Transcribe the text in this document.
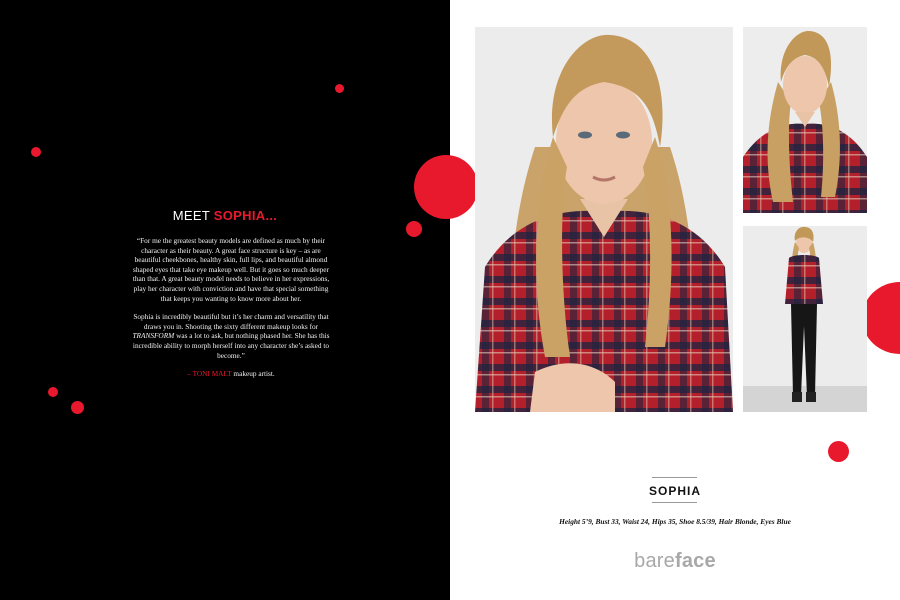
MEET SOPHIA...

“For me the greatest beauty models are defined as much by their character as their beauty. A great face structure is key – as are beautiful cheekbones, healthy skin, full lips, and beautiful almond shaped eyes that take eye makeup well. But it goes so much deeper than that. A great beauty model needs to believe in her expressions, play her character with conviction and have that special something that keeps you wanting to know more about her.

Sophia is incredibly beautiful but it’s her charm and versatility that draws you in. Shooting the sixty different makeup looks for TRANSFORM was a lot to ask, but nothing phased her. She has this incredible ability to morph herself into any character she’s asked to become.”

– TONI MALT makeup artist.

SOPHIA
Height 5’9, Bust 33, Waist 24, Hips 35, Shoe 8.5/39, Hair Blonde, Eyes Blue
bareface
